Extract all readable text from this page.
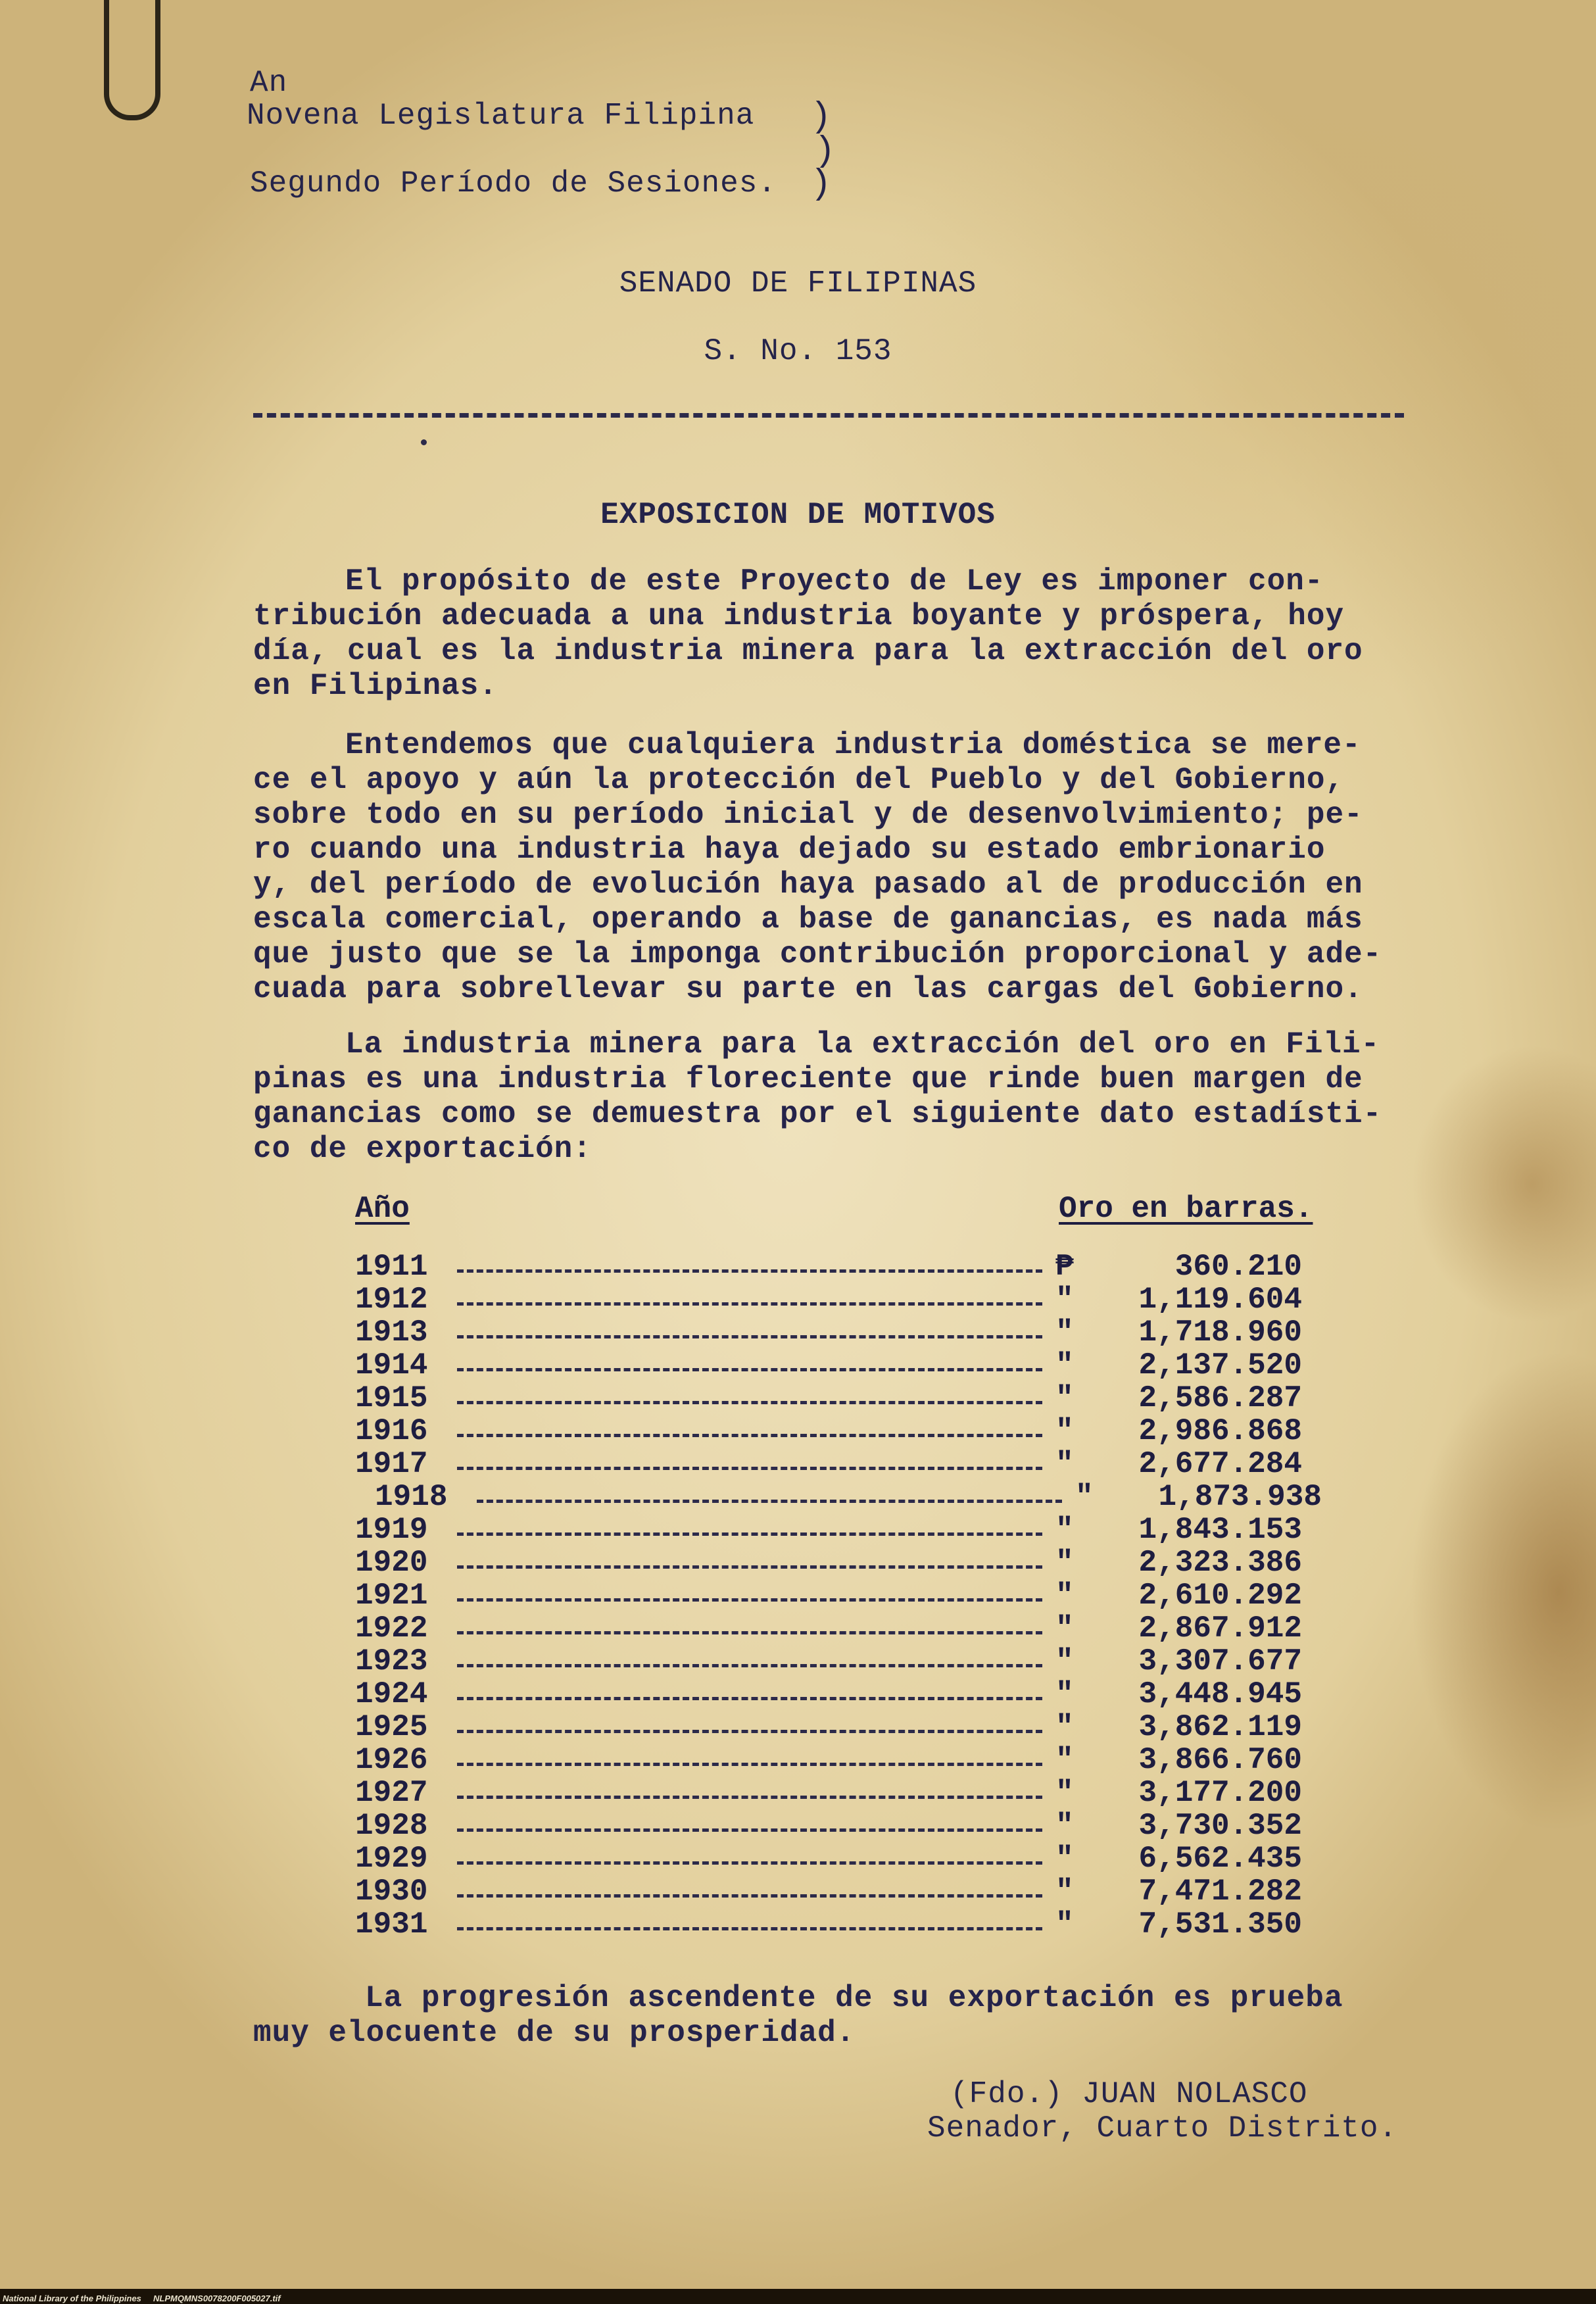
An
Novena Legislatura Filipina
Segundo Período de Sesiones.
)
)
)
SENADO DE FILIPINAS
S. No. 153
EXPOSICION DE MOTIVOS
El propósito de este Proyecto de Ley es imponer con-
tribución adecuada a una industria boyante y próspera, hoy
día, cual es la industria minera para la extracción del oro
en Filipinas.
Entendemos que cualquiera industria doméstica se mere-
ce el apoyo y aún la protección del Pueblo y del Gobierno,
sobre todo en su período inicial y de desenvolvimiento; pe-
ro cuando una industria haya dejado su estado embrionario
y, del período de evolución haya pasado al de producción en
escala comercial, operando a base de ganancias, es nada más
que justo que se la imponga contribución proporcional y ade-
cuada para sobrellevar su parte en las cargas del Gobierno.
La industria minera para la extracción del oro en Fili-
pinas es una industria floreciente que rinde buen margen de
ganancias como se demuestra por el siguiente dato estadísti-
co de exportación:
Año	Oro en barras.
1911	₱	360.210
1912	" 1,119.604
1913	" 1,718.960
1914	" 2,137.520
1915	" 2,586.287
1916	" 2,986.868
1917	" 2,677.284
1918	" 1,873.938
1919	" 1,843.153
1920	" 2,323.386
1921	" 2,610.292
1922	" 2,867.912
1923	" 3,307.677
1924	" 3,448.945
1925	" 3,862.119
1926	" 3,866.760
1927	" 3,177.200
1928	" 3,730.352
1929	" 6,562.435
1930	" 7,471.282
1931	" 7,531.350
La progresión ascendente de su exportación es prueba
muy elocuente de su prosperidad.
(Fdo.) JUAN NOLASCO
Senador, Cuarto Distrito.
National Library of the Philippines NLPMQMNS0078200F005027.tif
